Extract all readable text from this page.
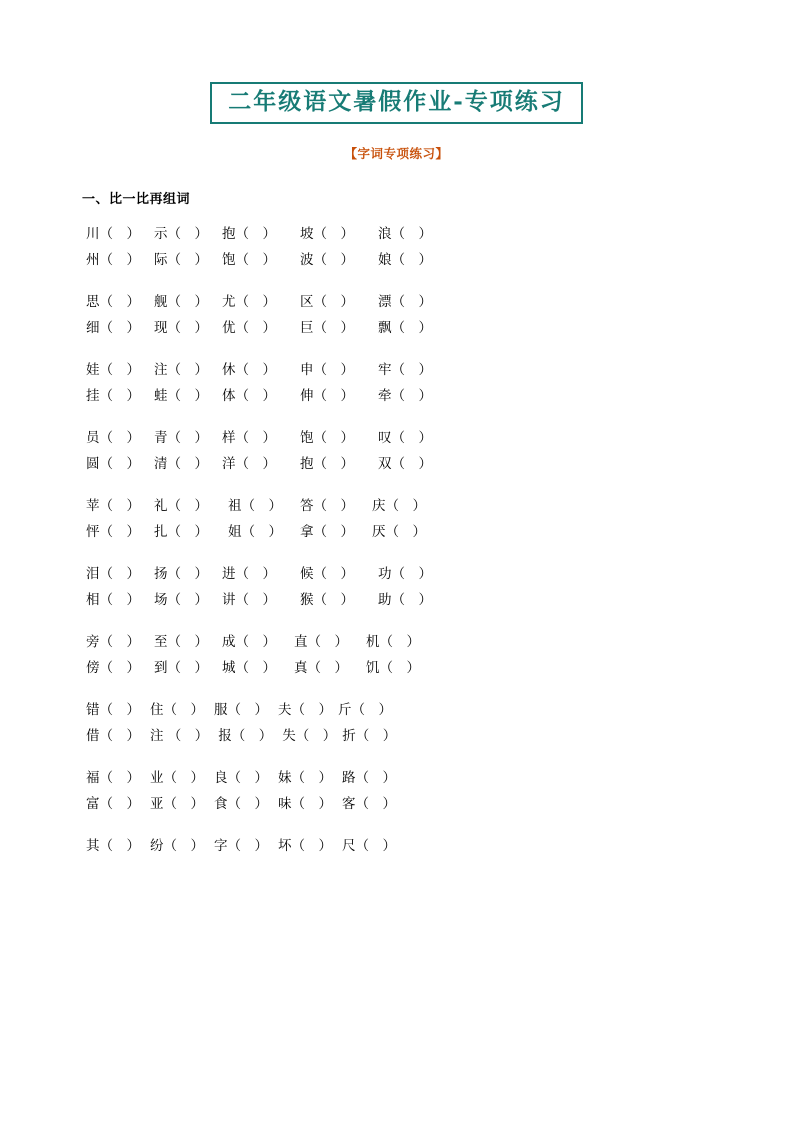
二年级语文暑假作业-专项练习
【字词专项练习】
一、比一比再组词
川（　） 示（　） 抱（　） 坡（　） 浪（　）
州（　） 际（　） 饱（　） 波（　） 娘（　）
思（　） 舰（　） 尤（　） 区（　） 漂（　）
细（　） 现（　） 优（　） 巨（　） 飘（　）
娃（　） 注（　） 休（　） 申（　） 牢（　）
挂（　） 蛙（　） 体（　） 伸（　） 牵（　）
员（　） 青（　） 样（　） 饱（　） 叹（　）
圆（　） 清（　） 洋（　） 抱（　） 双（　）
苹（　） 礼（　） 祖（　） 答（　） 庆（　）
怦（　） 扎（　） 姐（　） 拿（　） 厌（　）
泪（　） 扬（　） 进（　） 候（　） 功（　）
相（　） 场（　） 讲（　） 猴（　） 助（　）
旁（　） 至（　） 成（　） 直（　） 机（　）
傍（　） 到（　） 城（　） 真（　） 饥（　）
错（　） 住（　） 服（　） 夫（　） 斤（　）
借（　） 注 （　） 报（　） 失（　） 折（　）
福（　） 业（　） 良（　） 妹（　） 路（　）
富（　） 亚（　） 食（　） 味（　） 客（　）
其（　） 纷（　） 字（　） 坏（　） 尺（　）
